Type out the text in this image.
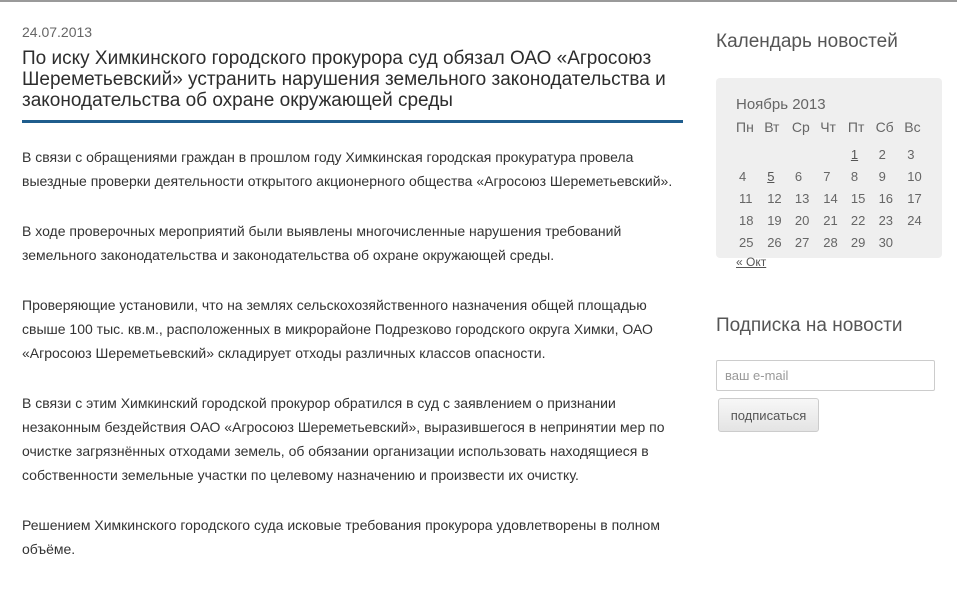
24.07.2013
По иску Химкинского городского прокурора суд обязал ОАО «Агросоюз Шереметьевский» устранить нарушения земельного законодательства и законодательства об охране окружающей среды

В связи с обращениями граждан в прошлом году Химкинская городская прокуратура провела выездные проверки деятельности открытого акционерного общества «Агросоюз Шереметьевский».

В ходе проверочных мероприятий были выявлены многочисленные нарушения требований земельного законодательства и законодательства об охране окружающей среды.

Проверяющие установили, что на землях сельскохозяйственного назначения общей площадью свыше 100 тыс. кв.м., расположенных в микрорайоне Подрезково городского округа Химки, ОАО «Агросоюз Шереметьевский» складирует отходы различных классов опасности.

В связи с этим Химкинский городской прокурор обратился в суд с заявлением о признании незаконным бездействия ОАО «Агросоюз Шереметьевский», выразившегося в непринятии мер по очистке загрязнённых отходами земель, об обязании организации использовать находящиеся в собственности земельные участки по целевому назначению и произвести их очистку.

Решением Химкинского городского суда исковые требования прокурора удовлетворены в полном объёме.

Календарь новостей
Ноябрь 2013
Пн	Вт	Ср	Чт	Пт	Сб	Вс
				1	2	3
4	5	6	7	8	9	10
11	12	13	14	15	16	17
18	19	20	21	22	23	24
25	26	27	28	29	30	
« Окт
Подписка на новости
ваш e-mail
подписаться
